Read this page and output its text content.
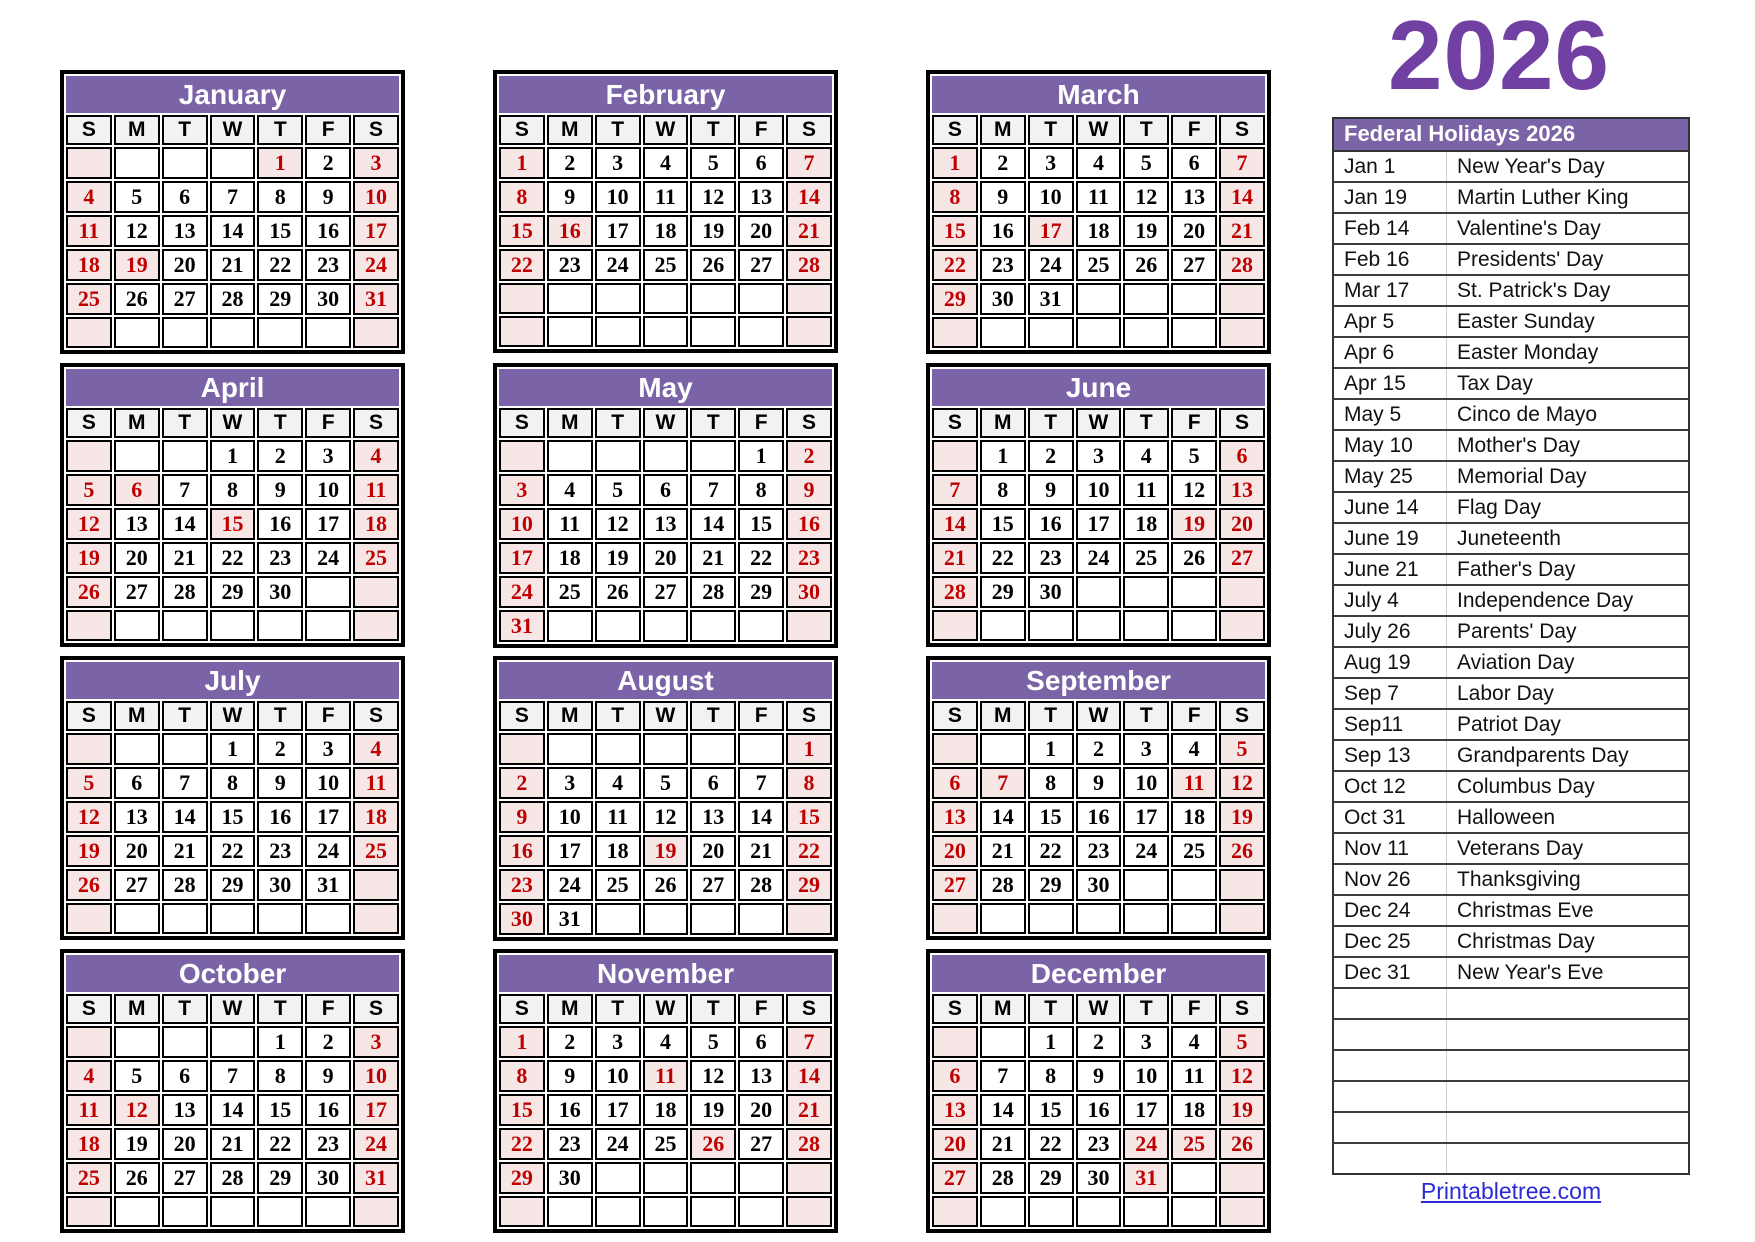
2026
January
S	M	T	W	T	F	S
				1	2	3
4	5	6	7	8	9	10
11	12	13	14	15	16	17
18	19	20	21	22	23	24
25	26	27	28	29	30	31

February
S	M	T	W	T	F	S
1	2	3	4	5	6	7
8	9	10	11	12	13	14
15	16	17	18	19	20	21
22	23	24	25	26	27	28

March
S	M	T	W	T	F	S
1	2	3	4	5	6	7
8	9	10	11	12	13	14
15	16	17	18	19	20	21
22	23	24	25	26	27	28
29	30	31				

April
S	M	T	W	T	F	S
			1	2	3	4
5	6	7	8	9	10	11
12	13	14	15	16	17	18
19	20	21	22	23	24	25
26	27	28	29	30		

May
S	M	T	W	T	F	S
					1	2
3	4	5	6	7	8	9
10	11	12	13	14	15	16
17	18	19	20	21	22	23
24	25	26	27	28	29	30
31						
June
S	M	T	W	T	F	S
	1	2	3	4	5	6
7	8	9	10	11	12	13
14	15	16	17	18	19	20
21	22	23	24	25	26	27
28	29	30				

July
S	M	T	W	T	F	S
			1	2	3	4
5	6	7	8	9	10	11
12	13	14	15	16	17	18
19	20	21	22	23	24	25
26	27	28	29	30	31	

August
S	M	T	W	T	F	S
						1
2	3	4	5	6	7	8
9	10	11	12	13	14	15
16	17	18	19	20	21	22
23	24	25	26	27	28	29
30	31					
September
S	M	T	W	T	F	S
		1	2	3	4	5
6	7	8	9	10	11	12
13	14	15	16	17	18	19
20	21	22	23	24	25	26
27	28	29	30			

October
S	M	T	W	T	F	S
				1	2	3
4	5	6	7	8	9	10
11	12	13	14	15	16	17
18	19	20	21	22	23	24
25	26	27	28	29	30	31

November
S	M	T	W	T	F	S
1	2	3	4	5	6	7
8	9	10	11	12	13	14
15	16	17	18	19	20	21
22	23	24	25	26	27	28
29	30					

December
S	M	T	W	T	F	S
		1	2	3	4	5
6	7	8	9	10	11	12
13	14	15	16	17	18	19
20	21	22	23	24	25	26
27	28	29	30	31		

Federal Holidays 2026
Jan 1	New Year's Day
Jan 19	Martin Luther King
Feb 14	Valentine's Day
Feb 16	Presidents' Day
Mar 17	St. Patrick's Day
Apr 5	Easter Sunday
Apr 6	Easter Monday
Apr 15	Tax Day
May 5	Cinco de Mayo
May 10	Mother's Day
May 25	Memorial Day
June 14	Flag Day
June 19	Juneteenth
June 21	Father's Day
July 4	Independence Day
July 26	Parents' Day
Aug 19	Aviation Day
Sep 7	Labor Day
Sep11	Patriot Day
Sep 13	Grandparents Day
Oct 12	Columbus Day
Oct 31	Halloween
Nov 11	Veterans Day
Nov 26	Thanksgiving
Dec 24	Christmas Eve
Dec 25	Christmas Day
Dec 31	New Year's Eve
Printabletree.com
